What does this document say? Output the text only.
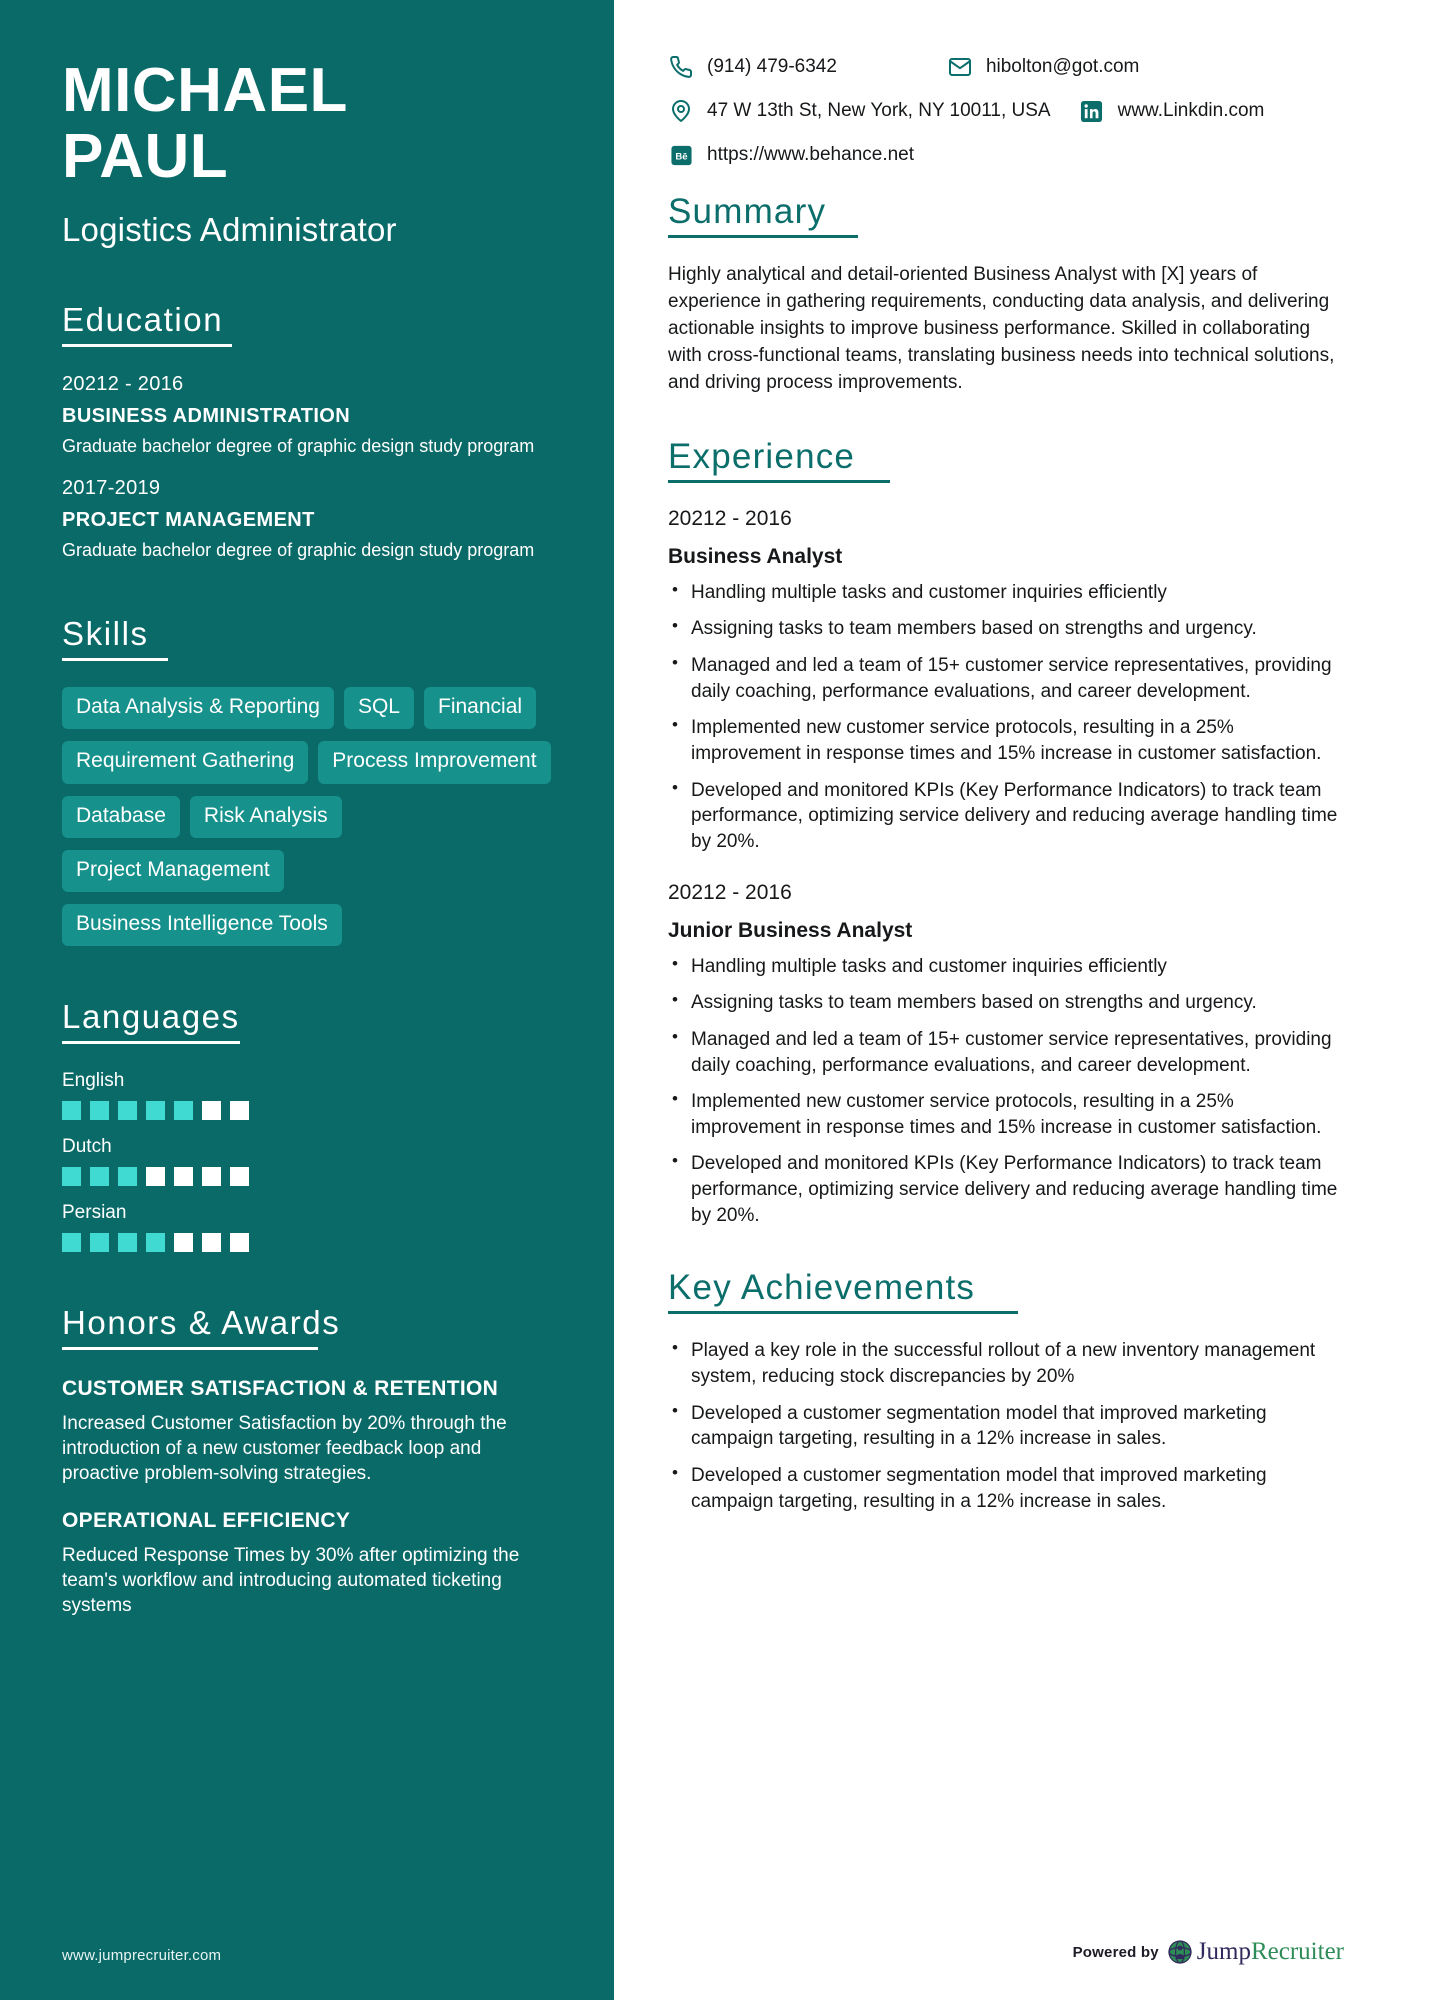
MICHAEL
PAUL
Logistics Administrator
Education
20212 - 2016
BUSINESS ADMINISTRATION
Graduate bachelor degree of graphic design study program
2017-2019
PROJECT MANAGEMENT
Graduate bachelor degree of graphic design study program
Skills
Data Analysis & Reporting	SQL	Financial
Requirement Gathering	Process Improvement
Database	Risk Analysis
Project Management
Business Intelligence Tools
Languages
English
Dutch
Persian
Honors & Awards
CUSTOMER SATISFACTION & RETENTION
Increased Customer Satisfaction by 20% through the introduction of a new customer feedback loop and proactive problem-solving strategies.
OPERATIONAL EFFICIENCY
Reduced Response Times by 30% after optimizing the team's workflow and introducing automated ticketing systems
www.jumprecruiter.com
(914) 479-6342	hibolton@got.com
47 W 13th St, New York, NY 10011, USA	www.Linkdin.com
Bē https://www.behance.net
Summary

Highly analytical and detail-oriented Business Analyst with [X] years of experience in gathering requirements, conducting data analysis, and delivering actionable insights to improve business performance. Skilled in collaborating with cross-functional teams, translating business needs into technical solutions, and driving process improvements.

Experience
20212 - 2016
Business Analyst
• Handling multiple tasks and customer inquiries efficiently
• Assigning tasks to team members based on strengths and urgency.
• Managed and led a team of 15+ customer service representatives, providing daily coaching, performance evaluations, and career development.
• Implemented new customer service protocols, resulting in a 25% improvement in response times and 15% increase in customer satisfaction.
• Developed and monitored KPIs (Key Performance Indicators) to track team performance, optimizing service delivery and reducing average handling time by 20%.
20212 - 2016
Junior Business Analyst
• Handling multiple tasks and customer inquiries efficiently
• Assigning tasks to team members based on strengths and urgency.
• Managed and led a team of 15+ customer service representatives, providing daily coaching, performance evaluations, and career development.
• Implemented new customer service protocols, resulting in a 25% improvement in response times and 15% increase in customer satisfaction.
• Developed and monitored KPIs (Key Performance Indicators) to track team performance, optimizing service delivery and reducing average handling time by 20%.
Key Achievements
• Played a key role in the successful rollout of a new inventory management system, reducing stock discrepancies by 20%
• Developed a customer segmentation model that improved marketing campaign targeting, resulting in a 12% increase in sales.
• Developed a customer segmentation model that improved marketing campaign targeting, resulting in a 12% increase in sales.
Powered by Jump Recruiter
